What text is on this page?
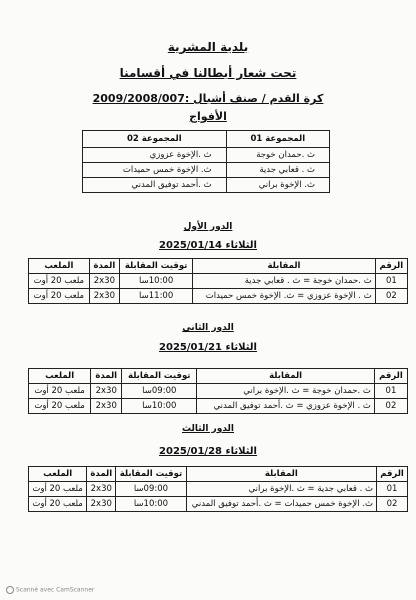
بلدية المشرية
تحت شعار أبطالنا في أقسامنا
كرة القدم / صنف أشبال :2009/2008/007
الأفواج
المجموعة 01	المجموعة 02
ث .حمدان خوجة	ث .الإخوة عزوزي
ث . قعابي جدية	ث. الإخوة خمس حميدات
ث. الإخوة براني	ث .أحمد توفيق المدني
الدور الأول
الثلاثاء 2025/01/14
الرقم	المقابلة	توقيت المقابلة	المدة	الملعب
01	ث .حمدان خوجة = ث . قعابي جدية	10:00سا	2x30	ملعب 20 أوت
02	ث . الإخوة عزوزي = ث. الإخوة خمس حميدات	11:00سا	2x30	ملعب 20 أوت
الدور الثاني
الثلاثاء 2025/01/21
الرقم	المقابلة	توقيت المقابلة	المدة	الملعب
01	ث .حمدان خوجة = ث .الإخوة براني	09:00سا	2x30	ملعب 20 أوت
02	ث . الإخوة عزوزي = ث .أحمد توفيق المدني	10:00سا	2x30	ملعب 20 أوت
الدور الثالث
الثلاثاء 2025/01/28
الرقم	المقابلة	توقيت المقابلة	المدة	الملعب
01	ث . قعابي جدية = ث .الإخوة براني	09:00سا	2x30	ملعب 20 أوت
02	ث. الإخوة خمس حميدات = ث .أحمد توفيق المدني	10:00سا	2x30	ملعب 20 أوت
Scanné avec CamScanner
